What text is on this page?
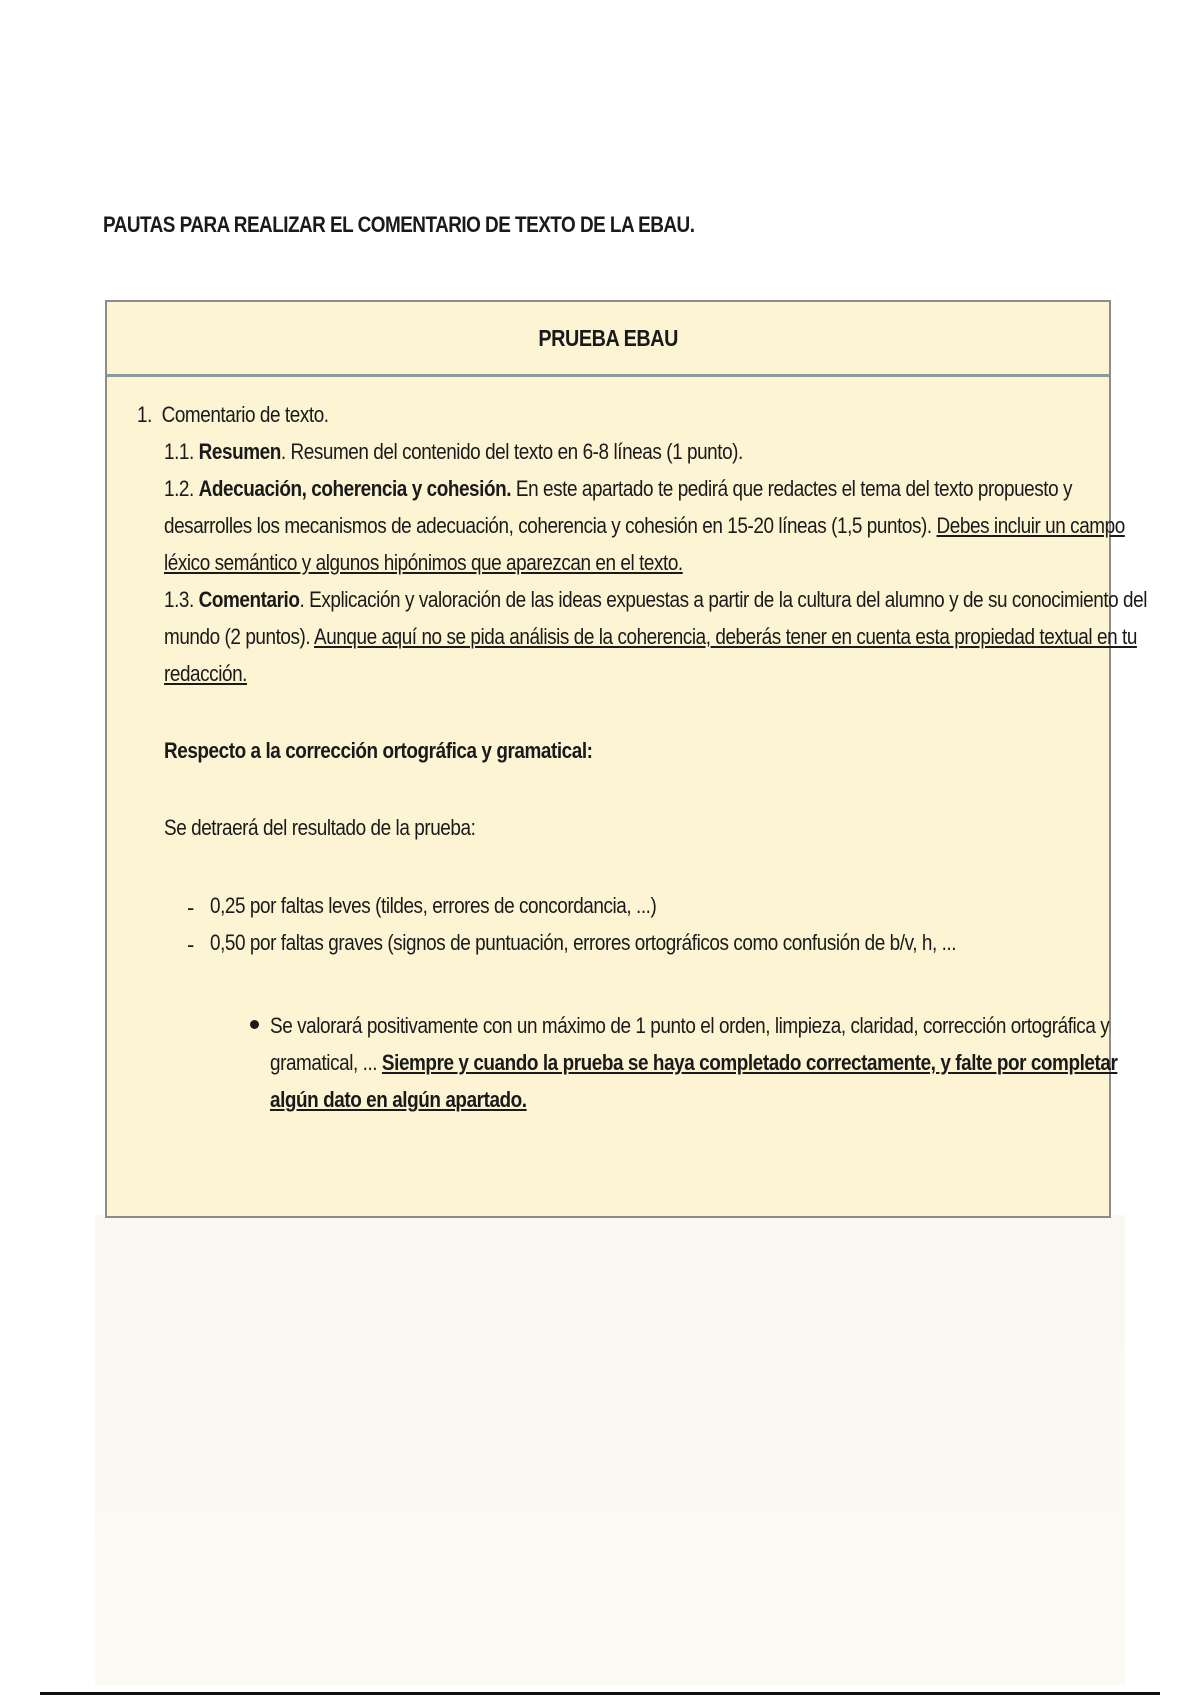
PAUTAS PARA REALIZAR EL COMENTARIO DE TEXTO DE LA EBAU.
PRUEBA EBAU
1. Comentario de texto.
1.1. Resumen. Resumen del contenido del texto en 6-8 líneas (1 punto).
1.2. Adecuación, coherencia y cohesión. En este apartado te pedirá que redactes el tema del texto propuesto y
desarrolles los mecanismos de adecuación, coherencia y cohesión en 15-20 líneas (1,5 puntos). Debes incluir un campo
léxico semántico y algunos hipónimos que aparezcan en el texto.
1.3. Comentario. Explicación y valoración de las ideas expuestas a partir de la cultura del alumno y de su conocimiento del
mundo (2 puntos). Aunque aquí no se pida análisis de la coherencia, deberás tener en cuenta esta propiedad textual en tu
redacción.
Respecto a la corrección ortográfica y gramatical:
Se detraerá del resultado de la prueba:
- 0,25 por faltas leves (tildes, errores de concordancia, ...)
- 0,50 por faltas graves (signos de puntuación, errores ortográficos como confusión de b/v, h, ...
Se valorará positivamente con un máximo de 1 punto el orden, limpieza, claridad, corrección ortográfica y
gramatical, ... Siempre y cuando la prueba se haya completado correctamente, y falte por completar
algún dato en algún apartado.
